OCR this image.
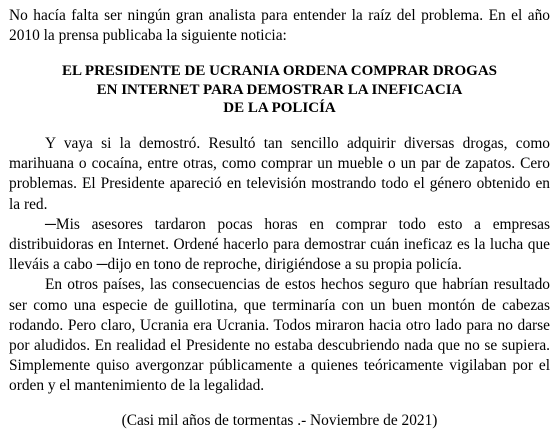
No hacía falta ser ningún gran analista para entender la raíz del problema. En el año 2010 la prensa publicaba la siguiente noticia:

EL PRESIDENTE DE UCRANIA ORDENA COMPRAR DROGAS
EN INTERNET PARA DEMOSTRAR LA INEFICACIA
DE LA POLICÍA

Y vaya si la demostró. Resultó tan sencillo adquirir diversas drogas, como marihuana o cocaína, entre otras, como comprar un mueble o un par de zapatos. Cero problemas. El Presidente apareció en televisión mostrando todo el género obtenido en la red.

─Mis asesores tardaron pocas horas en comprar todo esto a empresas distribuidoras en Internet. Ordené hacerlo para demostrar cuán ineficaz es la lucha que lleváis a cabo ─dijo en tono de reproche, dirigiéndose a su propia policía.

En otros países, las consecuencias de estos hechos seguro que habrían resultado ser como una especie de guillotina, que terminaría con un buen montón de cabezas rodando. Pero claro, Ucrania era Ucrania. Todos miraron hacia otro lado para no darse por aludidos. En realidad el Presidente no estaba descubriendo nada que no se supiera. Simplemente quiso avergonzar públicamente a quienes teóricamente vigilaban por el orden y el mantenimiento de la legalidad.

(Casi mil años de tormentas .- Noviembre de 2021)
